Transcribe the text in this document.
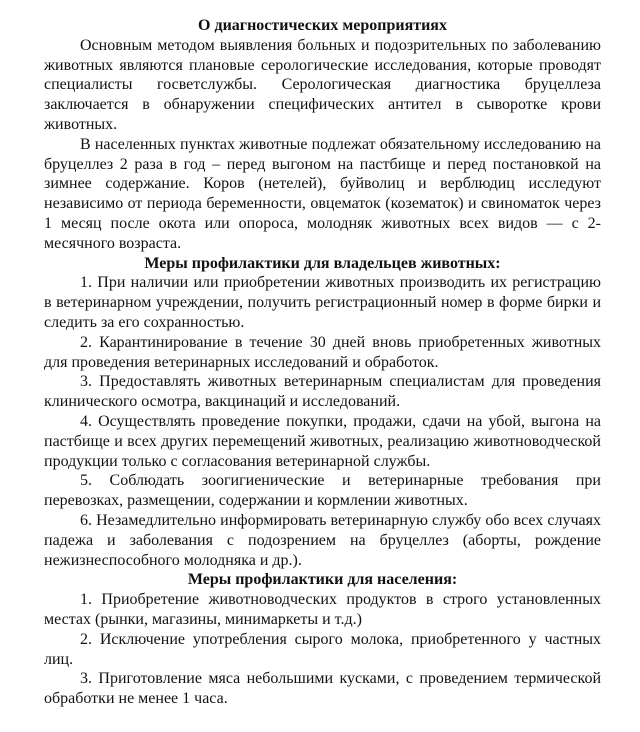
О диагностических мероприятиях

Основным методом выявления больных и подозрительных по заболеванию животных являются плановые серологические исследования, которые проводят специалисты госветслужбы. Серологическая диагностика бруцеллеза заключается в обнаружении специфических антител в сыворотке крови животных.

В населенных пунктах животные подлежат обязательному исследованию на бруцеллез 2 раза в год – перед выгоном на пастбище и перед постановкой на зимнее содержание. Коров (нетелей), буйволиц и верблюдиц исследуют независимо от периода беременности, овцематок (козематок) и свиноматок через 1 месяц после окота или опороса, молодняк животных всех видов — с 2-месячного возраста.

Меры профилактики для владельцев животных:

1. При наличии или приобретении животных производить их регистрацию в ветеринарном учреждении, получить регистрационный номер в форме бирки и следить за его сохранностью.

2. Карантинирование в течение 30 дней вновь приобретенных животных для проведения ветеринарных исследований и обработок.

3. Предоставлять животных ветеринарным специалистам для проведения клинического осмотра, вакцинаций и исследований.

4. Осуществлять проведение покупки, продажи, сдачи на убой, выгона на пастбище и всех других перемещений животных, реализацию животноводческой продукции только с согласования ветеринарной службы.

5. Соблюдать зоогигиенические и ветеринарные требования при перевозках, размещении, содержании и кормлении животных.

6. Незамедлительно информировать ветеринарную службу обо всех случаях падежа и заболевания с подозрением на бруцеллез (аборты, рождение нежизнеспособного молодняка и др.).

Меры профилактики для населения:

1. Приобретение животноводческих продуктов в строго установленных местах (рынки, магазины, минимаркеты и т.д.)

2. Исключение употребления сырого молока, приобретенного у частных лиц.

3. Приготовление мяса небольшими кусками, с проведением термической обработки не менее 1 часа.
